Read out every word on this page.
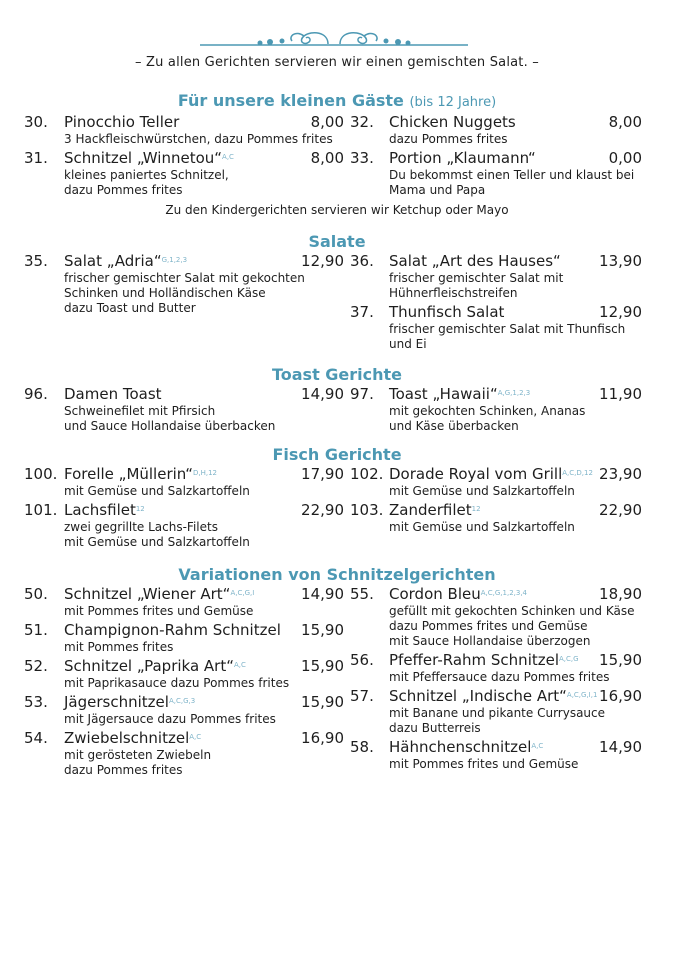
– Zu allen Gerichten servieren wir einen gemischten Salat. –
Für unsere kleinen Gäste (bis 12 Jahre)
30.	Pinocchio Teller	8,00
3 Hackfleischwürstchen, dazu Pommes frites
31.	Schnitzel „Winnetou“$^{A,C}$	8,00
kleines paniertes Schnitzel,
dazu Pommes frites
32.	Chicken Nuggets	8,00
dazu Pommes frites
33.	Portion „Klaumann“	0,00
Du bekommst einen Teller und klaust bei
Mama und Papa
Zu den Kindergerichten servieren wir Ketchup oder Mayo
Salate
35.	Salat „Adria“$^{G,1,2,3}$	12,90
frischer gemischter Salat mit gekochten
Schinken und Holländischen Käse
dazu Toast und Butter
36.	Salat „Art des Hauses“	13,90
frischer gemischter Salat mit
Hühnerfleischstreifen
37.	Thunfisch Salat	12,90
frischer gemischter Salat mit Thunfisch
und Ei
Toast Gerichte
96.	Damen Toast	14,90
Schweinefilet mit Pfirsich
und Sauce Hollandaise überbacken
97.	Toast „Hawaii“$^{A,G,1,2,3}$	11,90
mit gekochten Schinken, Ananas
und Käse überbacken
Fisch Gerichte
100. Forelle „Müllerin“$^{D,H,12}$	17,90
mit Gemüse und Salzkartoffeln
101. Lachsfilet$^{12}$	22,90
zwei gegrillte Lachs-Filets
mit Gemüse und Salzkartoffeln
102. Dorade Royal vom Grill$^{A,C,D,12}$ 23,90
mit Gemüse und Salzkartoffeln
103. Zanderfilet$^{12}$	22,90
mit Gemüse und Salzkartoffeln
Variationen von Schnitzelgerichten
50.	Schnitzel „Wiener Art“$^{A,C,G,I}$	14,90
mit Pommes frites und Gemüse
51.	Champignon-Rahm Schnitzel	15,90
mit Pommes frites
52.	Schnitzel „Paprika Art“$^{A,C}$	15,90
mit Paprikasauce dazu Pommes frites
53.	Jägerschnitzel$^{A,C,G,3}$	15,90
mit Jägersauce dazu Pommes frites
54.	Zwiebelschnitzel$^{A,C}$	16,90
mit gerösteten Zwiebeln
dazu Pommes frites
55.	Cordon Bleu$^{A,C,G,1,2,3,4}$	18,90
gefüllt mit gekochten Schinken und Käse
dazu Pommes frites und Gemüse
mit Sauce Hollandaise überzogen
56.	Pfeffer-Rahm Schnitzel$^{A,C,G}$	15,90
mit Pfeffersauce dazu Pommes frites
57.	Schnitzel „Indische Art“$^{A,C,G,I,1}$ 16,90
mit Banane und pikante Currysauce
dazu Butterreis
58.	Hähnchenschnitzel$^{A,C}$	14,90
mit Pommes frites und Gemüse
